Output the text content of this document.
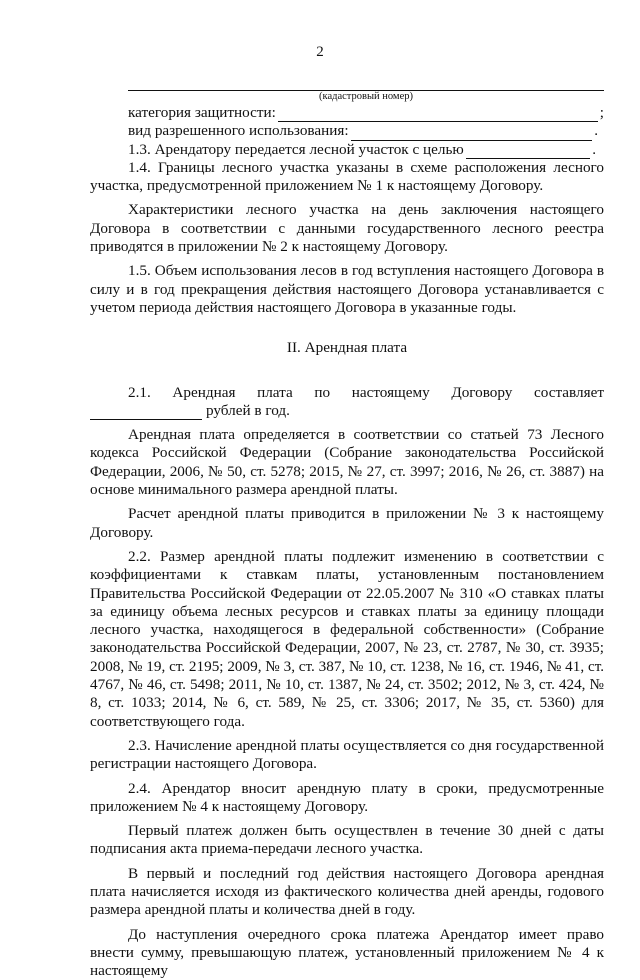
2
(кадастровый номер)
категория защитности:	;
вид разрешенного использования:	.
1.3. Арендатору передается лесной участок с целью	.

1.4. Границы лесного участка указаны в схеме расположения лесного участка, предусмотренной приложением № 1 к настоящему Договору.

Характеристики лесного участка на день заключения настоящего Договора в соответствии с данными государственного лесного реестра приводятся в приложении № 2 к настоящему Договору.

1.5. Объем использования лесов в год вступления настоящего Договора в силу и в год прекращения действия настоящего Договора устанавливается с учетом периода действия настоящего Договора в указанные годы.

II. Арендная плата

2.1. Арендная плата по настоящему Договору составляет
рублей в год.

Арендная плата определяется в соответствии со статьей 73 Лесного кодекса Российской Федерации (Собрание законодательства Российской Федерации, 2006, № 50, ст. 5278; 2015, № 27, ст. 3997; 2016, № 26, ст. 3887) на основе минимального размера арендной платы.

Расчет арендной платы приводится в приложении № 3 к настоящему Договору.

2.2. Размер арендной платы подлежит изменению в соответствии с коэффициентами к ставкам платы, установленным постановлением Правительства Российской Федерации от 22.05.2007 № 310 «О ставках платы за единицу объема лесных ресурсов и ставках платы за единицу площади лесного участка, находящегося в федеральной собственности» (Собрание законодательства Российской Федерации, 2007, № 23, ст. 2787, № 30, ст. 3935; 2008, № 19, ст. 2195; 2009, № 3, ст. 387, № 10, ст. 1238, № 16, ст. 1946, № 41, ст. 4767, № 46, ст. 5498; 2011, № 10, ст. 1387, № 24, ст. 3502; 2012, № 3, ст. 424, № 8, ст. 1033; 2014, № 6, ст. 589, № 25, ст. 3306; 2017, № 35, ст. 5360) для соответствующего года.

2.3. Начисление арендной платы осуществляется со дня государственной регистрации настоящего Договора.

2.4. Арендатор вносит арендную плату в сроки, предусмотренные приложением № 4 к настоящему Договору.

Первый платеж должен быть осуществлен в течение 30 дней с даты подписания акта приема-передачи лесного участка.

В первый и последний год действия настоящего Договора арендная плата начисляется исходя из фактического количества дней аренды, годового размера арендной платы и количества дней в году.

До наступления очередного срока платежа Арендатор имеет право внести сумму, превышающую платеж, установленный приложением № 4 к настоящему
